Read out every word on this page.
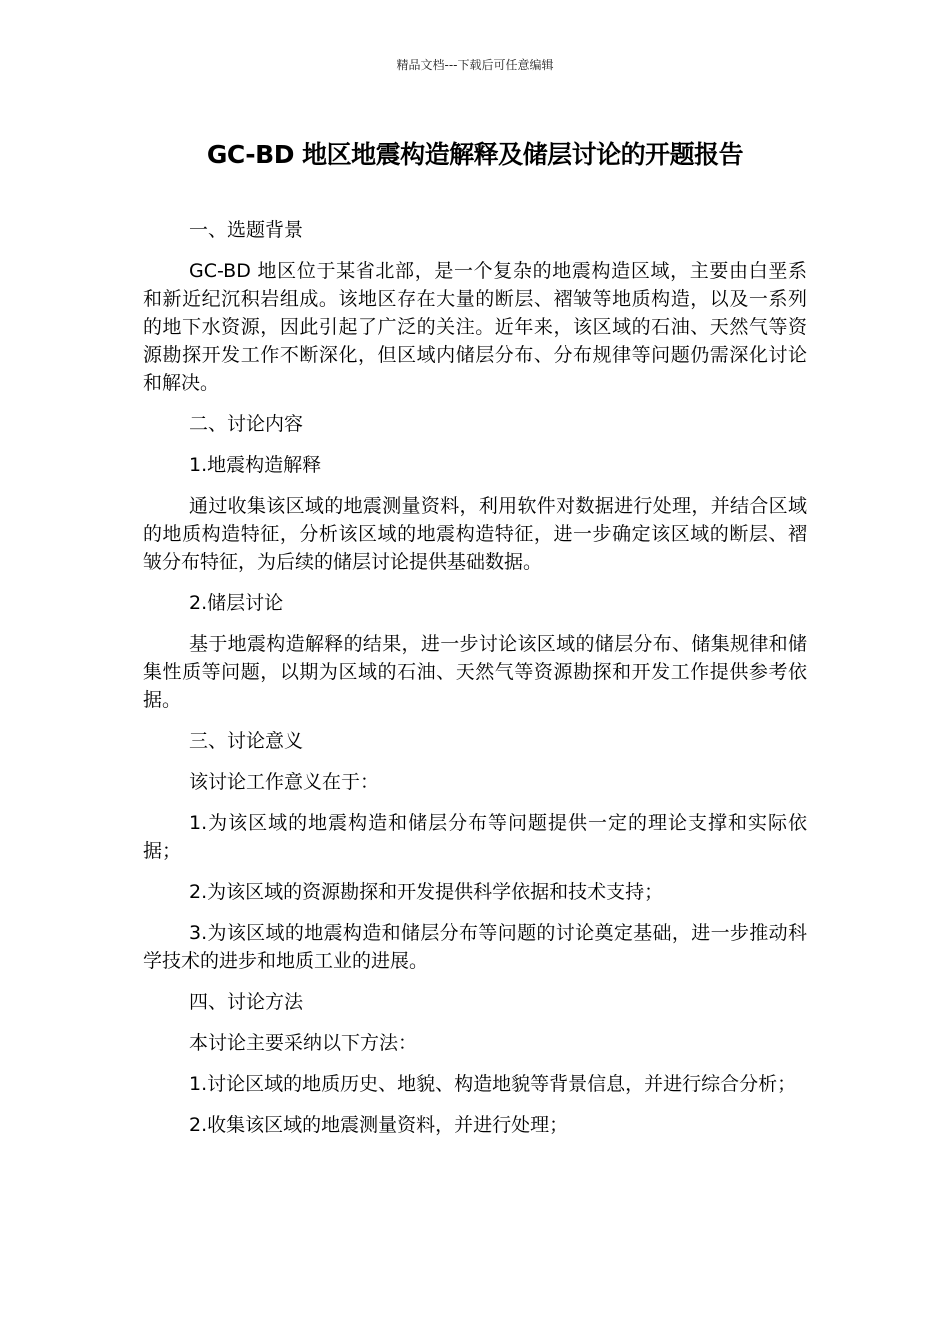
精品文档---下载后可任意编辑
GC-BD 地区地震构造解释及储层讨论的开题报告

一、选题背景

GC-BD 地区位于某省北部，是一个复杂的地震构造区域，主要由白垩系和新近纪沉积岩组成。该地区存在大量的断层、褶皱等地质构造，以及一系列的地下水资源，因此引起了广泛的关注。近年来，该区域的石油、天然气等资源勘探开发工作不断深化，但区域内储层分布、分布规律等问题仍需深化讨论和解决。

二、讨论内容

1.地震构造解释

通过收集该区域的地震测量资料，利用软件对数据进行处理，并结合区域的地质构造特征，分析该区域的地震构造特征，进一步确定该区域的断层、褶皱分布特征，为后续的储层讨论提供基础数据。

2.储层讨论

基于地震构造解释的结果，进一步讨论该区域的储层分布、储集规律和储集性质等问题，以期为区域的石油、天然气等资源勘探和开发工作提供参考依据。

三、讨论意义

该讨论工作意义在于：

1.为该区域的地震构造和储层分布等问题提供一定的理论支撑和实际依据；

2.为该区域的资源勘探和开发提供科学依据和技术支持；

3.为该区域的地震构造和储层分布等问题的讨论奠定基础，进一步推动科学技术的进步和地质工业的进展。

四、讨论方法

本讨论主要采纳以下方法：

1.讨论区域的地质历史、地貌、构造地貌等背景信息，并进行综合分析；

2.收集该区域的地震测量资料，并进行处理；
